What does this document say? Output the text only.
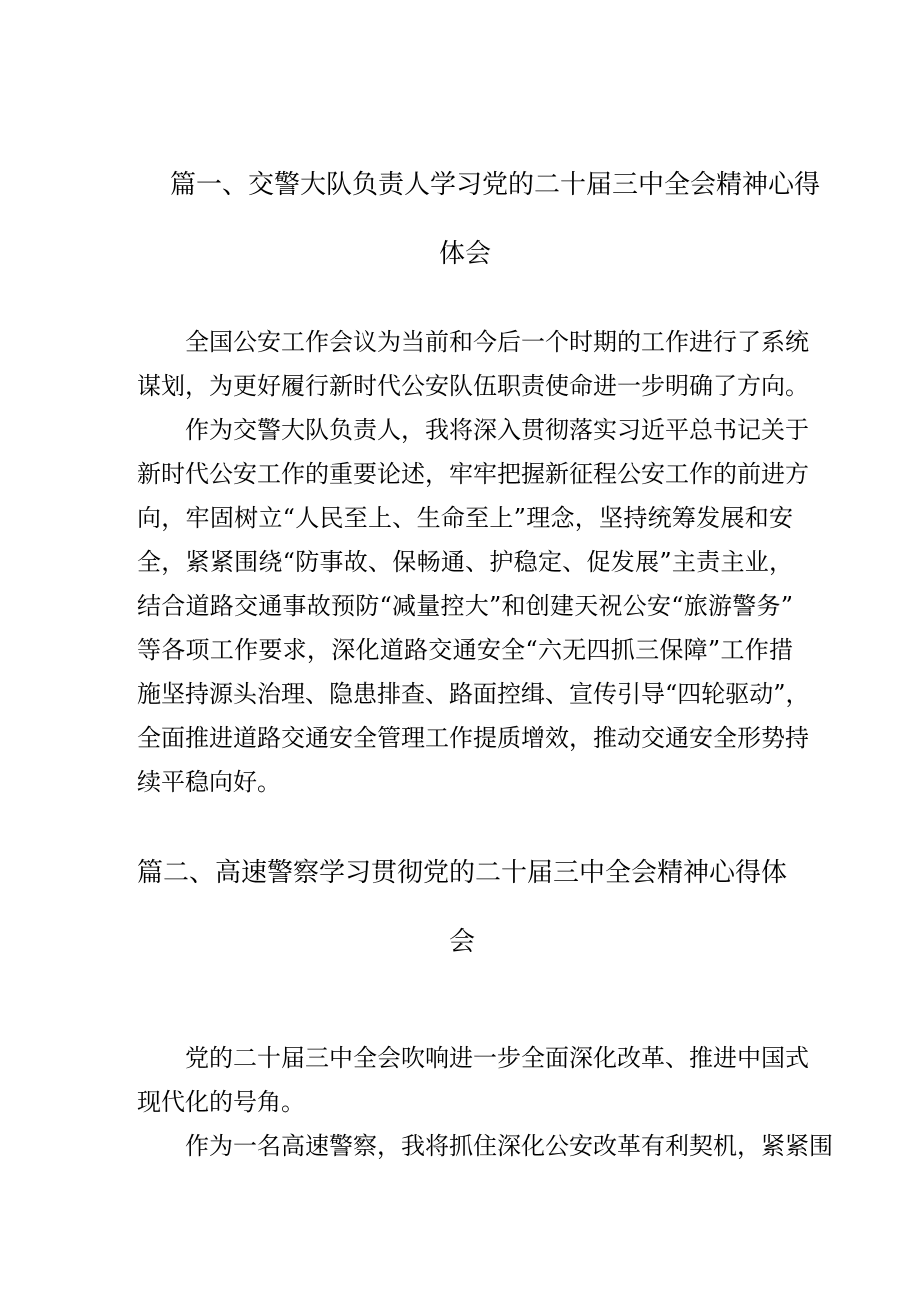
篇一、交警大队负责人学习党的二十届三中全会精神心得
体会
全国公安工作会议为当前和今后一个时期的工作进行了系统
谋划，为更好履行新时代公安队伍职责使命进一步明确了方向。
作为交警大队负责人，我将深入贯彻落实习近平总书记关于
新时代公安工作的重要论述，牢牢把握新征程公安工作的前进方
向，牢固树立“人民至上、生命至上”理念，坚持统筹发展和安
全，紧紧围绕“防事故、保畅通、护稳定、促发展”主责主业，
结合道路交通事故预防“减量控大”和创建天祝公安“旅游警务”
等各项工作要求，深化道路交通安全“六无四抓三保障”工作措
施坚持源头治理、隐患排查、路面控缉、宣传引导“四轮驱动”，
全面推进道路交通安全管理工作提质增效，推动交通安全形势持
续平稳向好。
篇二、高速警察学习贯彻党的二十届三中全会精神心得体
会
党的二十届三中全会吹响进一步全面深化改革、推进中国式
现代化的号角。
作为一名高速警察，我将抓住深化公安改革有利契机，紧紧围
